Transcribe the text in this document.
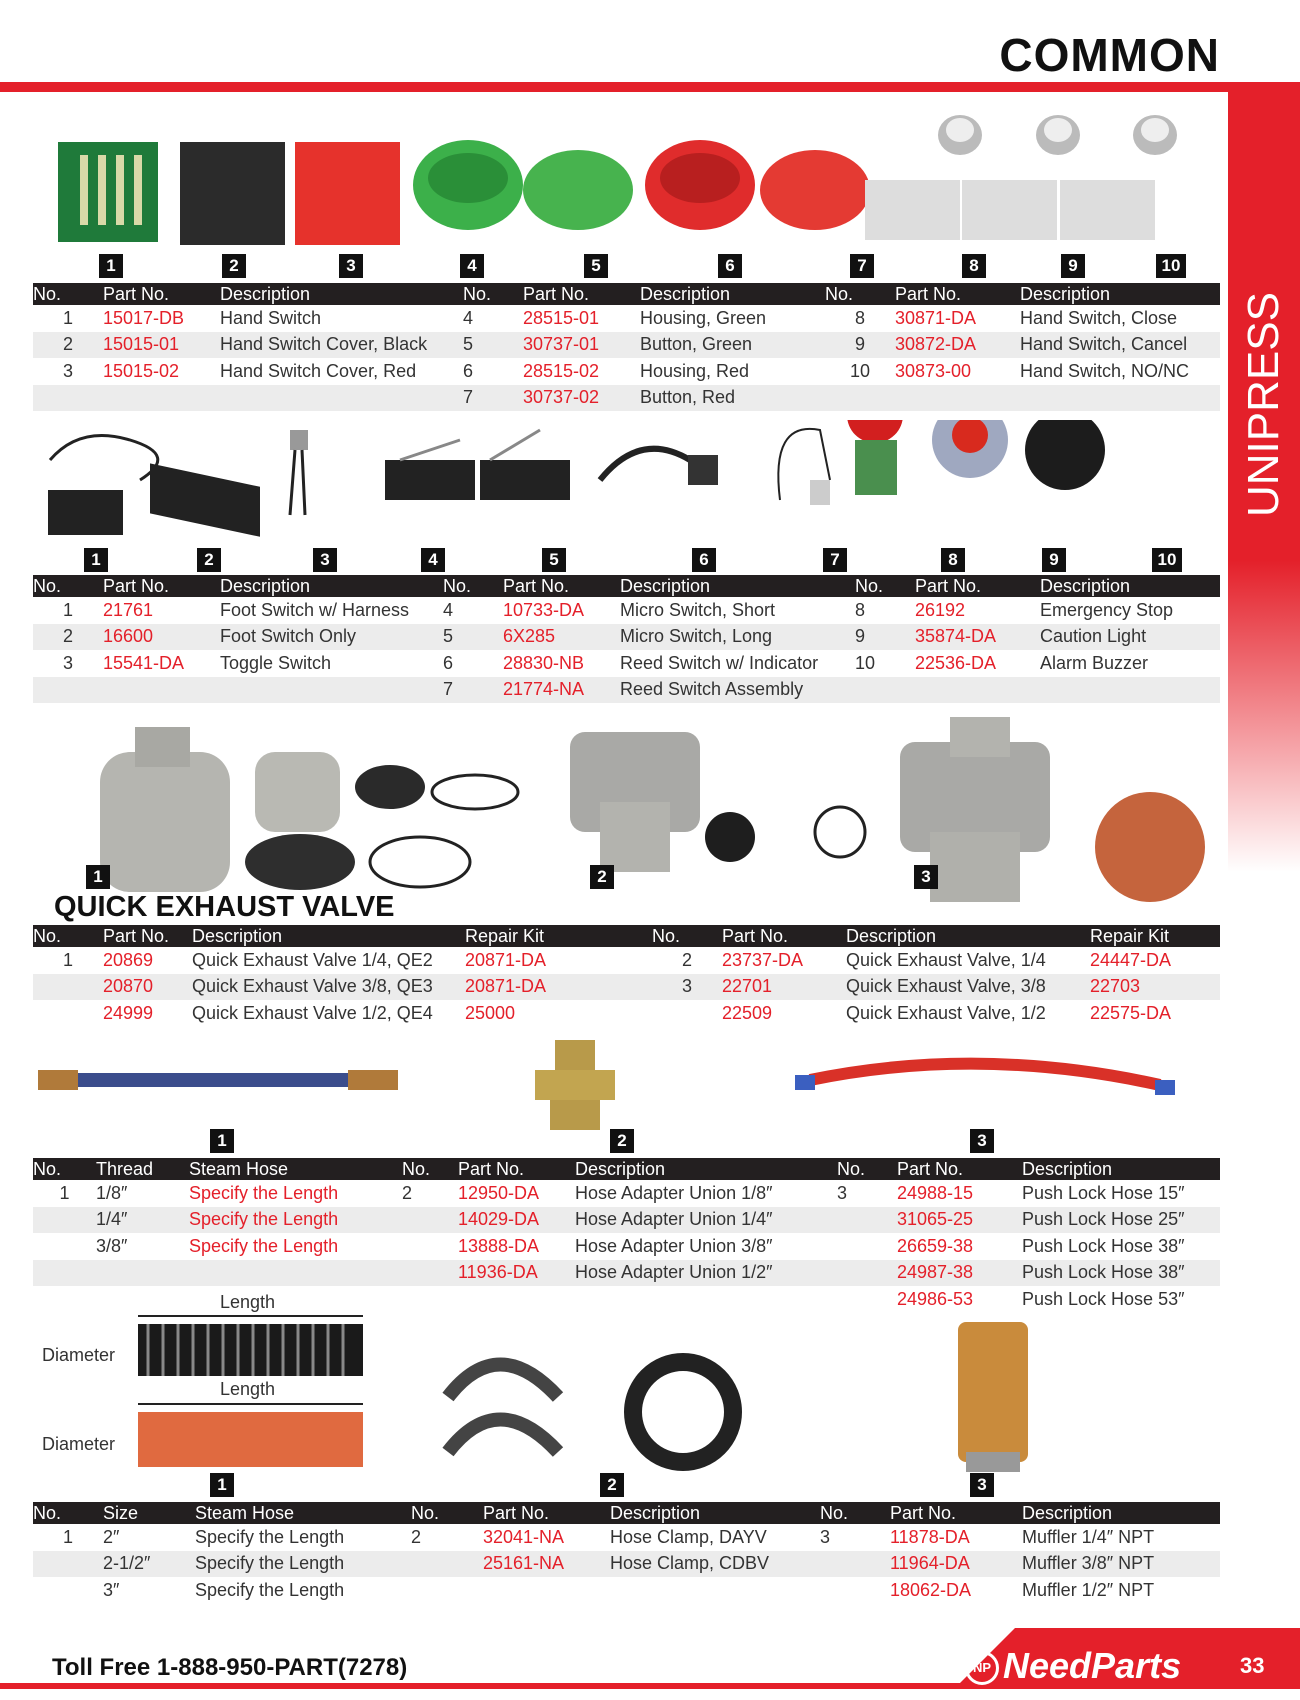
COMMON
UNIPRESS
1	2	3	4	5	6	7	8	9	10
No.	Part No.	Description	No.	Part No.	Description	No.	Part No.	Description
1	15017-DB	Hand Switch	4	28515-01	Housing, Green	8	30871-DA	Hand Switch, Close
2	15015-01	Hand Switch Cover, Black	5	30737-01	Button, Green	9	30872-DA	Hand Switch, Cancel
3	15015-02	Hand Switch Cover, Red	6	28515-02	Housing, Red	10	30873-00	Hand Switch, NO/NC
			7	30737-02	Button, Red			
1	2	3	4	5	6	7	8	9	10
No.	Part No.	Description	No.	Part No.	Description	No.	Part No.	Description
1	21761	Foot Switch w/ Harness	4	10733-DA	Micro Switch, Short	8	26192	Emergency Stop
2	16600	Foot Switch Only	5	6X285	Micro Switch, Long	9	35874-DA	Caution Light
3	15541-DA	Toggle Switch	6	28830-NB	Reed Switch w/ Indicator	10	22536-DA	Alarm Buzzer
			7	21774-NA	Reed Switch Assembly			
1	2	3
QUICK EXHAUST VALVE
No.	Part No.	Description	Repair Kit	No.	Part No.	Description	Repair Kit
1	20869	Quick Exhaust Valve 1/4, QE2	20871-DA	2	23737-DA	Quick Exhaust Valve, 1/4	24447-DA
	20870	Quick Exhaust Valve 3/8, QE3	20871-DA	3	22701	Quick Exhaust Valve, 3/8	22703
	24999	Quick Exhaust Valve 1/2, QE4	25000		22509	Quick Exhaust Valve, 1/2	22575-DA
1	2	3
No.	Thread	Steam Hose	No.	Part No.	Description	No.	Part No.	Description
1	1/8″	Specify the Length	2	12950-DA	Hose Adapter Union 1/8″	3	24988-15	Push Lock Hose 15″
	1/4″	Specify the Length		14029-DA	Hose Adapter Union 1/4″		31065-25	Push Lock Hose 25″
	3/8″	Specify the Length		13888-DA	Hose Adapter Union 3/8″		26659-38	Push Lock Hose 38″
				11936-DA	Hose Adapter Union 1/2″		24987-38	Push Lock Hose 38″
							24986-53	Push Lock Hose 53″
Length
Diameter
Length
Diameter
1	2	3
No.	Size	Steam Hose	No.	Part No.	Description	No.	Part No.	Description
1	2″	Specify the Length	2	32041-NA	Hose Clamp, DAYV	3	11878-DA	Muffler 1/4″ NPT
	2-1/2″	Specify the Length		25161-NA	Hose Clamp, CDBV		11964-DA	Muffler 3/8″ NPT
	3″	Specify the Length					18062-DA	Muffler 1/2″ NPT
Toll Free 1-888-950-PART(7278)	NP NeedParts	33
